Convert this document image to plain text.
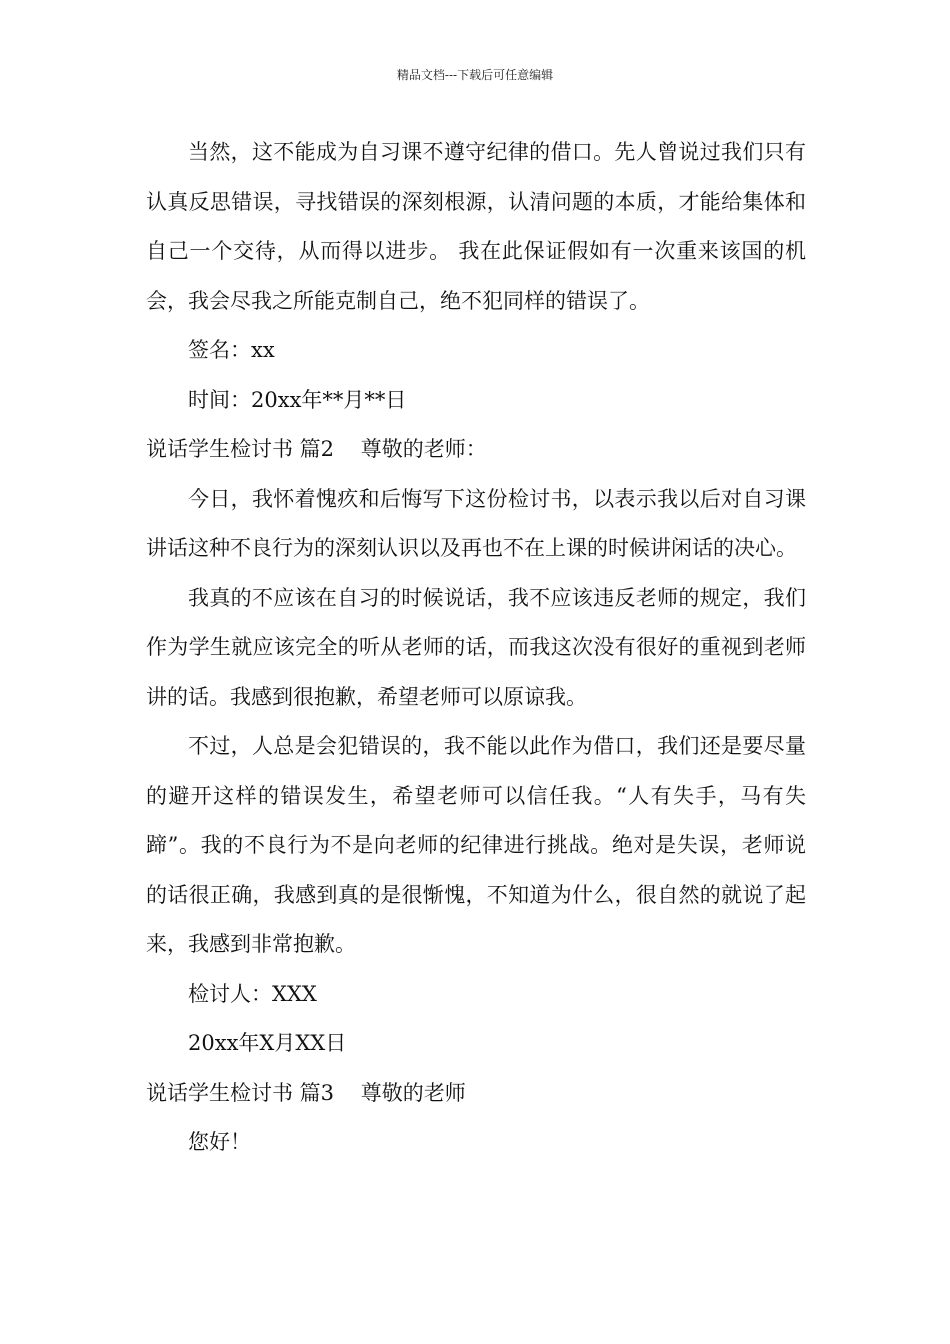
精品文档---下载后可任意编辑

当然，这不能成为自习课不遵守纪律的借口。先人曾说过我们只有认真反思错误，寻找错误的深刻根源，认清问题的本质，才能给集体和自己一个交待，从而得以进步。 我在此保证假如有一次重来该国的机会，我会尽我之所能克制自己，绝不犯同样的错误了。

签名：xx

时间：20xx年**月**日

说话学生检讨书 篇2    尊敬的老师：

今日，我怀着愧疚和后悔写下这份检讨书，以表示我以后对自习课讲话这种不良行为的深刻认识以及再也不在上课的时候讲闲话的决心。

我真的不应该在自习的时候说话，我不应该违反老师的规定，我们作为学生就应该完全的听从老师的话，而我这次没有很好的重视到老师讲的话。我感到很抱歉，希望老师可以原谅我。

不过，人总是会犯错误的，我不能以此作为借口，我们还是要尽量的避开这样的错误发生，希望老师可以信任我。“人有失手，马有失蹄”。我的不良行为不是向老师的纪律进行挑战。绝对是失误，老师说的话很正确，我感到真的是很惭愧，不知道为什么，很自然的就说了起来，我感到非常抱歉。

检讨人：XXX

20xx年X月XX日

说话学生检讨书 篇3    尊敬的老师

您好！
